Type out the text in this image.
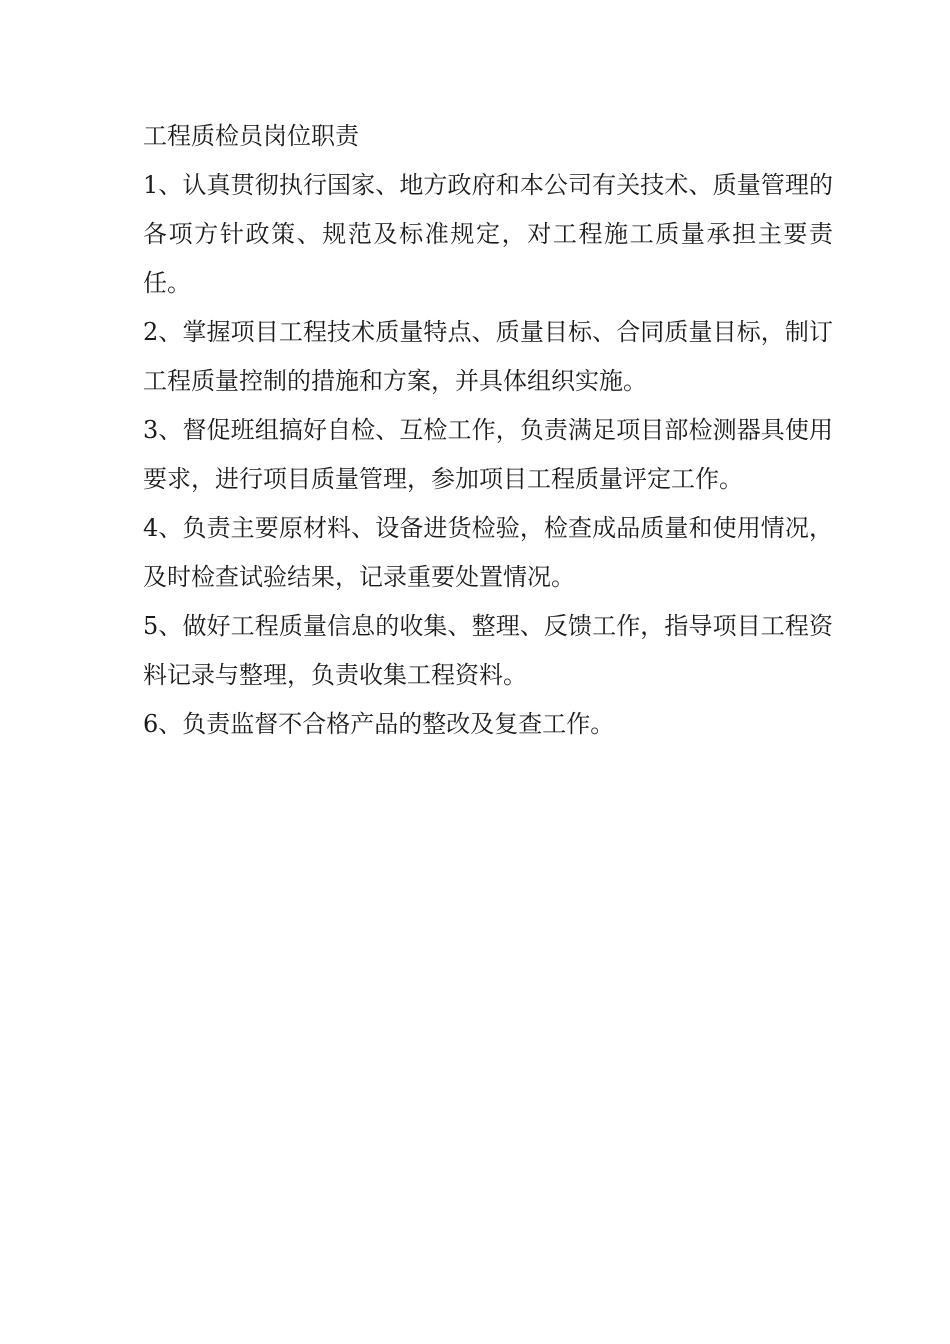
工程质检员岗位职责

1、认真贯彻执行国家、地方政府和本公司有关技术、质量管理的各项方针政策、规范及标准规定，对工程施工质量承担主要责任。

2、掌握项目工程技术质量特点、质量目标、合同质量目标，制订工程质量控制的措施和方案，并具体组织实施。

3、督促班组搞好自检、互检工作，负责满足项目部检测器具使用要求，进行项目质量管理，参加项目工程质量评定工作。

4、负责主要原材料、设备进货检验，检查成品质量和使用情况，及时检查试验结果，记录重要处置情况。

5、做好工程质量信息的收集、整理、反馈工作，指导项目工程资料记录与整理，负责收集工程资料。

6、负责监督不合格产品的整改及复查工作。
